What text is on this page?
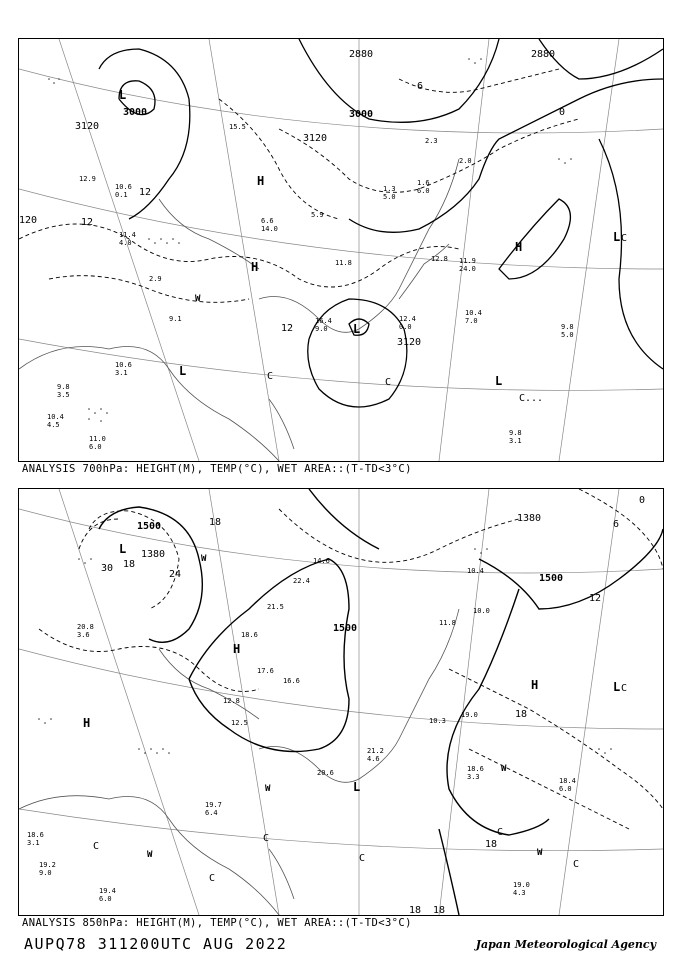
3000	3000
3120
3120
2880	2880
3120
120
12
12
12
6
0
L
L
H
H
H
L
L
W
C
C
C
L
C...
15.5
12.9
10.6
0.1
2.9
5.9
11.4
4.0
9.1
12.8 11.9
24.0
10.4
7.0
9.8
5.0
9.8
3.1
11.0
6.0
10.6
3.1
10.4
4.5
9.8
3.5
12.4
0.0
16.4
9.0
2.3
1.3
5.0
1.6
6.0
2.0
11.8
6.6
14.0
ANALYSIS 700hPa: HEIGHT(M), TEMP(°C), WET AREA::(T-TD<3°C)
1500
1500
1380
1380
1500
18
18
24
30
12
18
18
18 18
6
0
L
H
H
H	L
W
W
C
C
W
C
L
C
W
W
C
C
C
22.4
21.5
18.6
17.6
16.6
14.6
12.8
12.5
11.8
10.4
10.0
19.0
10.3
20.6
21.2
4.6
18.4
6.0
18.6
3.3
19.0
4.3
19.7
6.4
19.4
6.0
19.2
9.0
18.6
3.1
20.8
3.6
ANALYSIS 850hPa: HEIGHT(M), TEMP(°C), WET AREA::(T-TD<3°C)
AUPQ78 311200UTC AUG 2022	Japan Meteorological Agency
